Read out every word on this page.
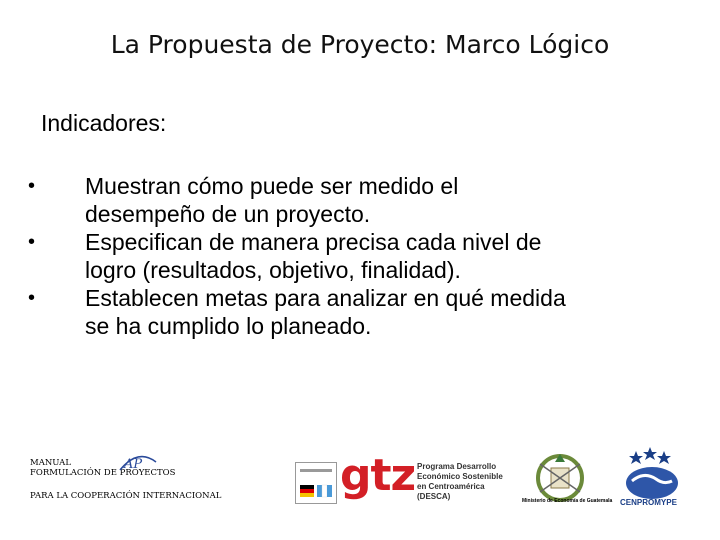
La Propuesta de Proyecto: Marco Lógico
Indicadores:
• Muestran cómo puede ser medido el
desempeño de un proyecto.
• Especifican de manera precisa cada nivel de
logro (resultados, objetivo, finalidad).
• Establecen metas para analizar en qué medida
se ha cumplido lo planeado.
MANUAL
FORMULACIÓN DE PROYECTOS
PARA LA COOPERACIÓN INTERNACIONAL
AP	gtz Programa Desarrollo
Económico Sostenible
en Centroamérica
(DESCA)	Ministerio de Economía de Guatemala CENPROMYPE
